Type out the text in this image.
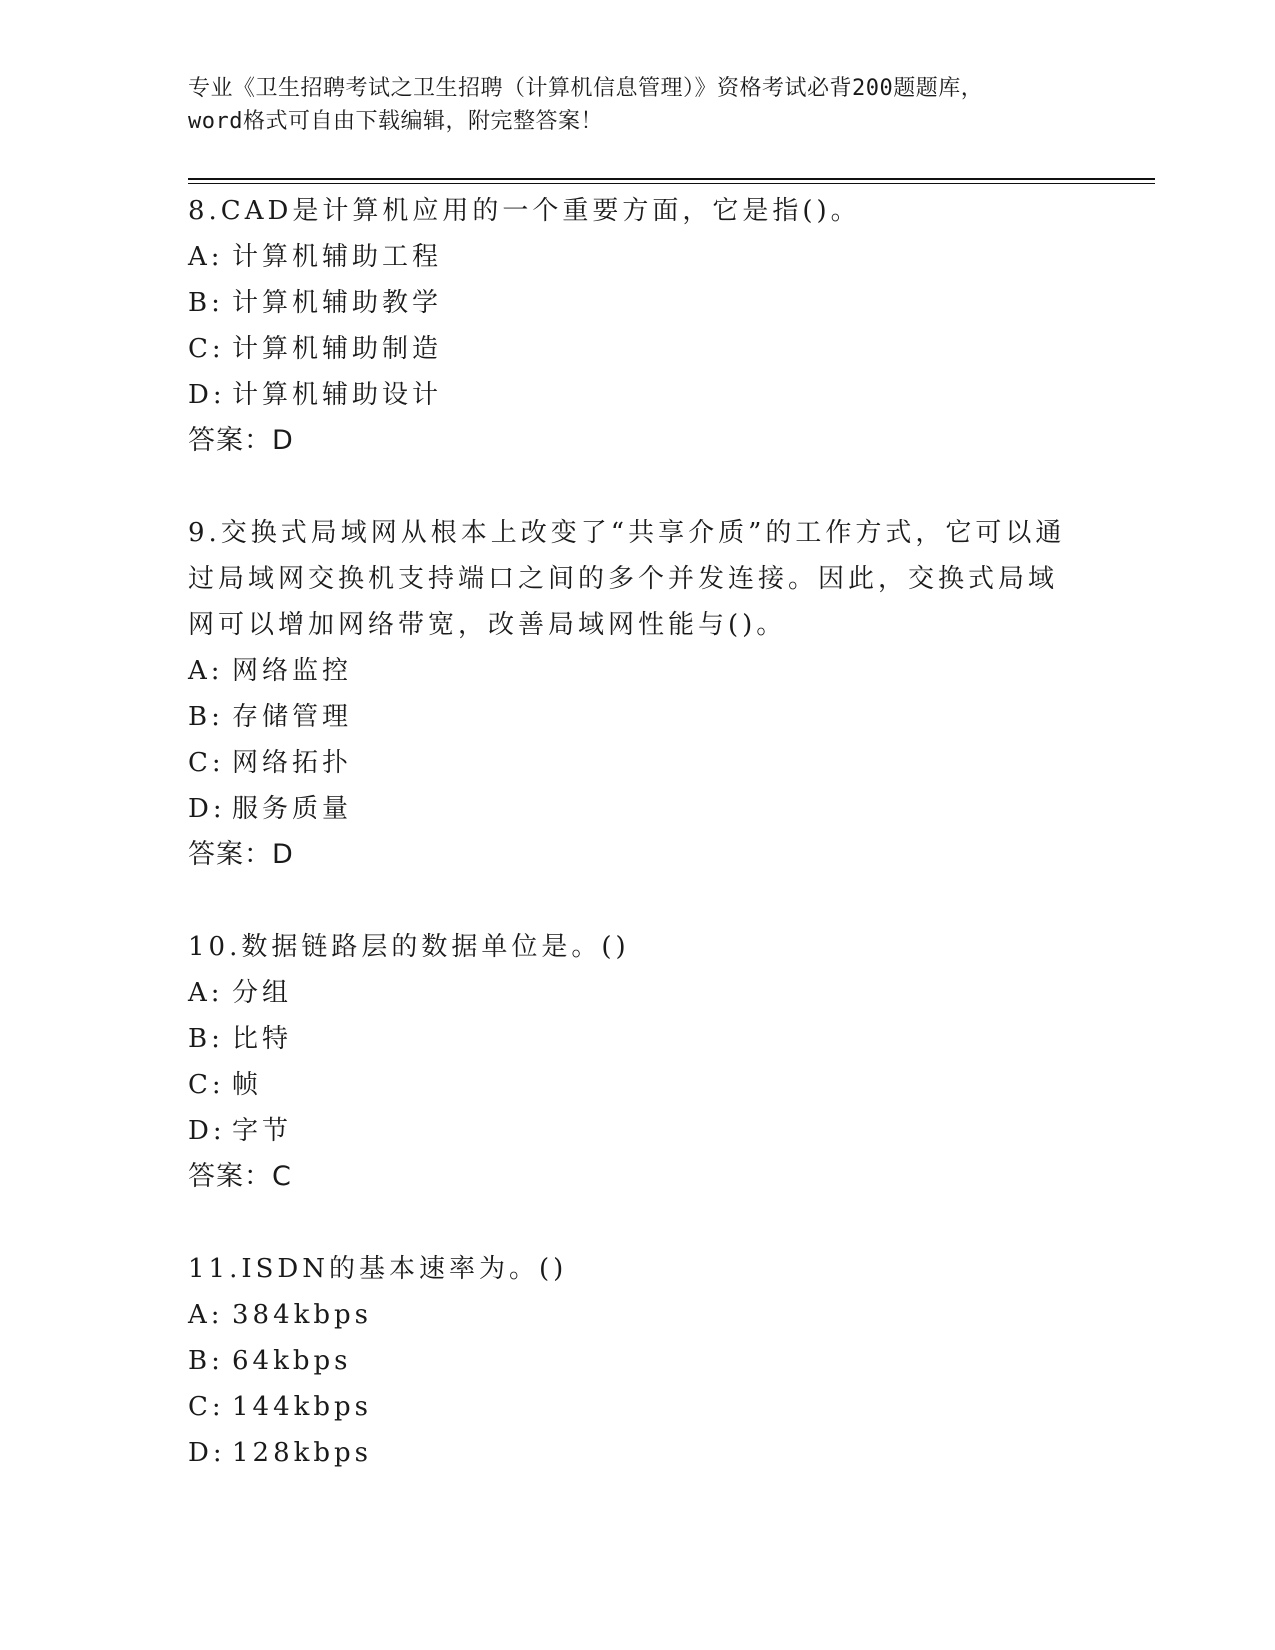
专业《卫生招聘考试之卫生招聘（计算机信息管理）》资格考试必背200题题库，
word格式可自由下载编辑，附完整答案！

8.CAD是计算机应用的一个重要方面，它是指()。

A: 计算机辅助工程
B: 计算机辅助教学
C: 计算机辅助制造
D: 计算机辅助设计
答案：D

9.交换式局域网从根本上改变了“共享介质”的工作方式，它可以通过局域网交换机支持端口之间的多个并发连接。因此，交换式局域网可以增加网络带宽，改善局域网性能与()。

A: 网络监控
B: 存储管理
C: 网络拓扑
D: 服务质量
答案：D

10.数据链路层的数据单位是。()

A: 分组
B: 比特
C: 帧
D: 字节
答案：C

11.ISDN的基本速率为。()

A: 384kbps
B: 64kbps
C: 144kbps
D: 128kbps
